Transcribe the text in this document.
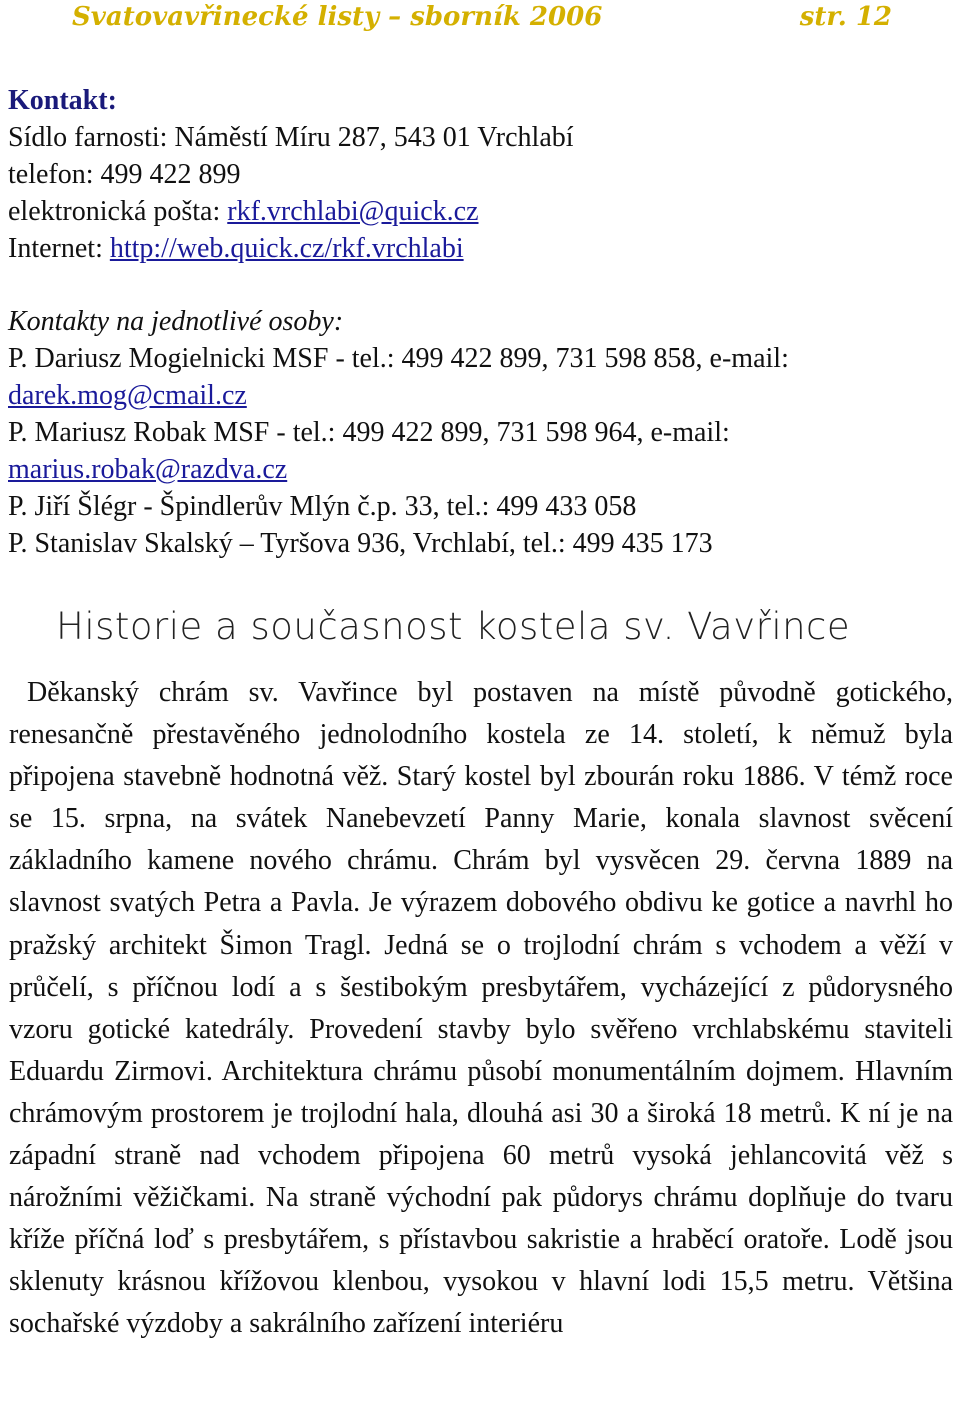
Svatovavřinecké listy – sborník 2006	str. 12
Kontakt:
Sídlo farnosti: Náměstí Míru 287, 543 01 Vrchlabí
telefon: 499 422 899
elektronická pošta: rkf.vrchlabi@quick.cz
Internet: http://web.quick.cz/rkf.vrchlabi
Kontakty na jednotlivé osoby:
P. Dariusz Mogielnicki MSF - tel.: 499 422 899, 731 598 858, e-mail:
darek.mog@cmail.cz
P. Mariusz Robak MSF - tel.: 499 422 899, 731 598 964, e-mail:
marius.robak@razdva.cz
P. Jiří Šlégr - Špindlerův Mlýn č.p. 33, tel.: 499 433 058
P. Stanislav Skalský – Tyršova 936, Vrchlabí, tel.: 499 435 173
Historie a současnost kostela sv. Vavřince

Děkanský chrám sv. Vavřince byl postaven na místě původně gotického, renesančně přestavěného jednolodního kostela ze 14. století, k němuž byla připojena stavebně hodnotná věž. Starý kostel byl zbourán roku 1886. V témž roce se 15. srpna, na svátek Nanebevzetí Panny Marie, konala slavnost svěcení základního kamene nového chrámu. Chrám byl vysvěcen 29. června 1889 na slavnost svatých Petra a Pavla. Je výrazem dobového obdivu ke gotice a navrhl ho pražský architekt Šimon Tragl. Jedná se o trojlodní chrám s vchodem a věží v průčelí, s příčnou lodí a s šestibokým presbytářem, vycházející z půdorysného vzoru gotické katedrály. Provedení stavby bylo svěřeno vrchlabskému staviteli Eduardu Zirmovi. Architektura chrámu působí monumentálním dojmem. Hlavním chrámovým prostorem je trojlodní hala, dlouhá asi 30 a široká 18 metrů. K ní je na západní straně nad vchodem připojena 60 metrů vysoká jehlancovitá věž s nárožními věžičkami. Na straně východní pak půdorys chrámu doplňuje do tvaru kříže příčná loď s presbytářem, s přístavbou sakristie a hraběcí oratoře. Lodě jsou sklenuty krásnou křížovou klenbou, vysokou v hlavní lodi 15,5 metru. Většina sochařské výzdoby a sakrálního zařízení interiéru
